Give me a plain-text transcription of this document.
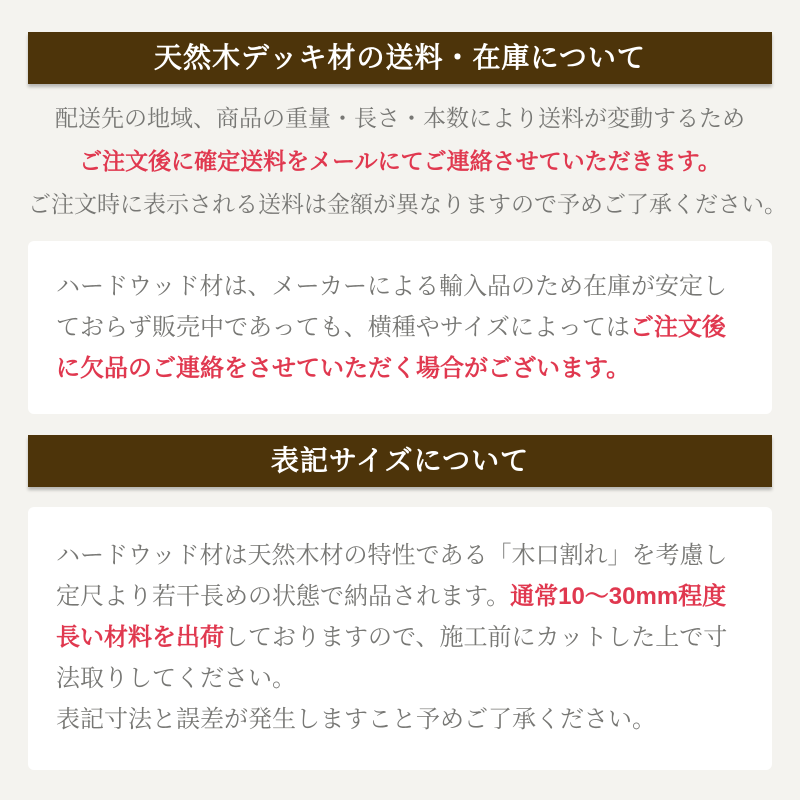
天然木デッキ材の送料・在庫について
配送先の地域、商品の重量・長さ・本数により送料が変動するため
ご注文後に確定送料をメールにてご連絡させていただきます。
ご注文時に表示される送料は金額が異なりますので予めご了承ください。

ハードウッド材は、メーカーによる輸入品のため在庫が安定しておらず販売中であっても、横種やサイズによってはご注文後に欠品のご連絡をさせていただく場合がございます。

表記サイズについて

ハードウッド材は天然木材の特性である「木口割れ」を考慮し定尺より若干長めの状態で納品されます。通常10〜30mm程度長い材料を出荷しておりますので、施工前にカットした上で寸法取りしてください。

表記寸法と誤差が発生しますこと予めご了承ください。
